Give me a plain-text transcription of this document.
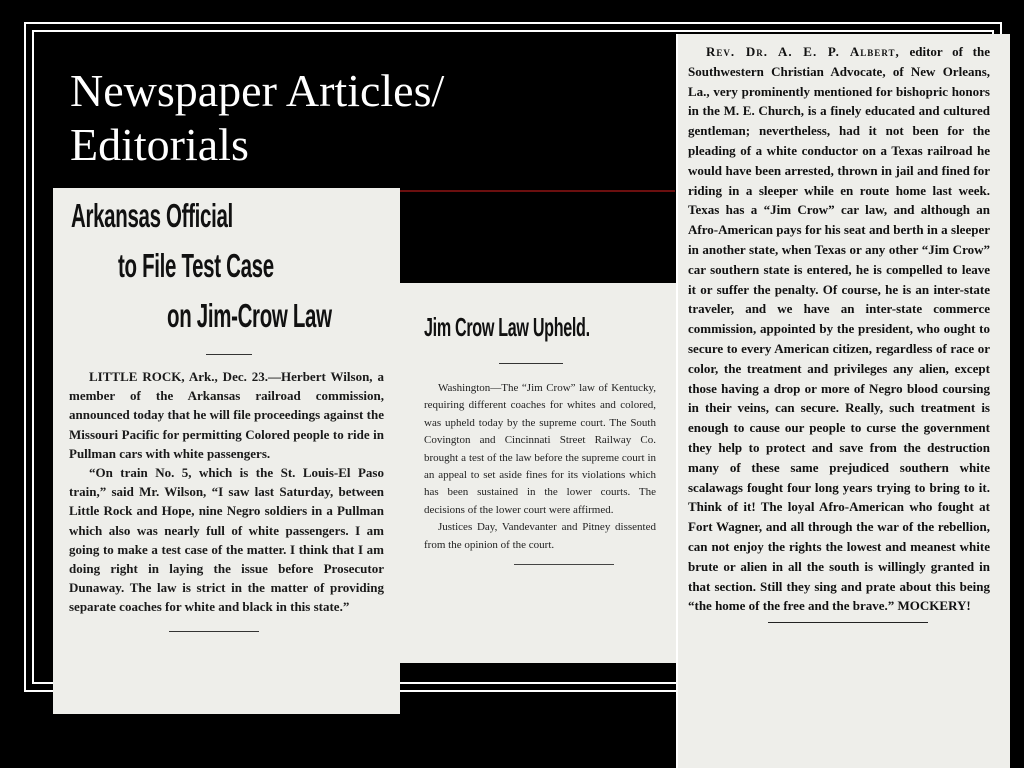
Newspaper Articles/
Editorials
Arkansas Official
to File Test Case
on Jim-Crow Law

LITTLE ROCK, Ark., Dec. 23.—Herbert Wilson, a member of the Arkansas railroad commission, announced today that he will file proceedings against the Missouri Pacific for permitting Colored people to ride in Pullman cars with white passengers.

“On train No. 5, which is the St. Louis-El Paso train,” said Mr. Wilson, “I saw last Saturday, between Little Rock and Hope, nine Negro soldiers in a Pullman which also was nearly full of white passengers. I am going to make a test case of the matter. I think that I am doing right in laying the issue before Prosecutor Dunaway. The law is strict in the matter of providing separate coaches for white and black in this state.”

Jim Crow Law Upheld.

Washington—The “Jim Crow” law of Kentucky, requiring different coaches for whites and colored, was upheld today by the supreme court. The South Covington and Cincinnati Street Railway Co. brought a test of the law before the supreme court in an appeal to set aside fines for its violations which has been sustained in the lower courts. The decisions of the lower court were affirmed.

Justices Day, Vandevanter and Pitney dissented from the opinion of the court.

Rev. Dr. A. E. P. Albert, editor of the Southwestern Christian Advocate, of New Orleans, La., very prominently mentioned for bishopric honors in the M. E. Church, is a finely educated and cultured gentleman; nevertheless, had it not been for the pleading of a white conductor on a Texas railroad he would have been arrested, thrown in jail and fined for riding in a sleeper while en route home last week. Texas has a “Jim Crow” car law, and although an Afro-American pays for his seat and berth in a sleeper in another state, when Texas or any other “Jim Crow” car southern state is entered, he is compelled to leave it or suffer the penalty. Of course, he is an inter-state traveler, and we have an inter-state commerce commission, appointed by the president, who ought to secure to every American citizen, regardless of race or color, the treatment and privileges any alien, except those having a drop or more of Negro blood coursing in their veins, can secure. Really, such treatment is enough to cause our people to curse the government they help to protect and save from the destruction many of these same prejudiced southern white scalawags fought four long years trying to bring to it. Think of it! The loyal Afro-American who fought at Fort Wagner, and all through the war of the rebellion, can not enjoy the rights the lowest and meanest white brute or alien in all the south is willingly granted in that section. Still they sing and prate about this being “the home of the free and the brave.” MOCKERY!
